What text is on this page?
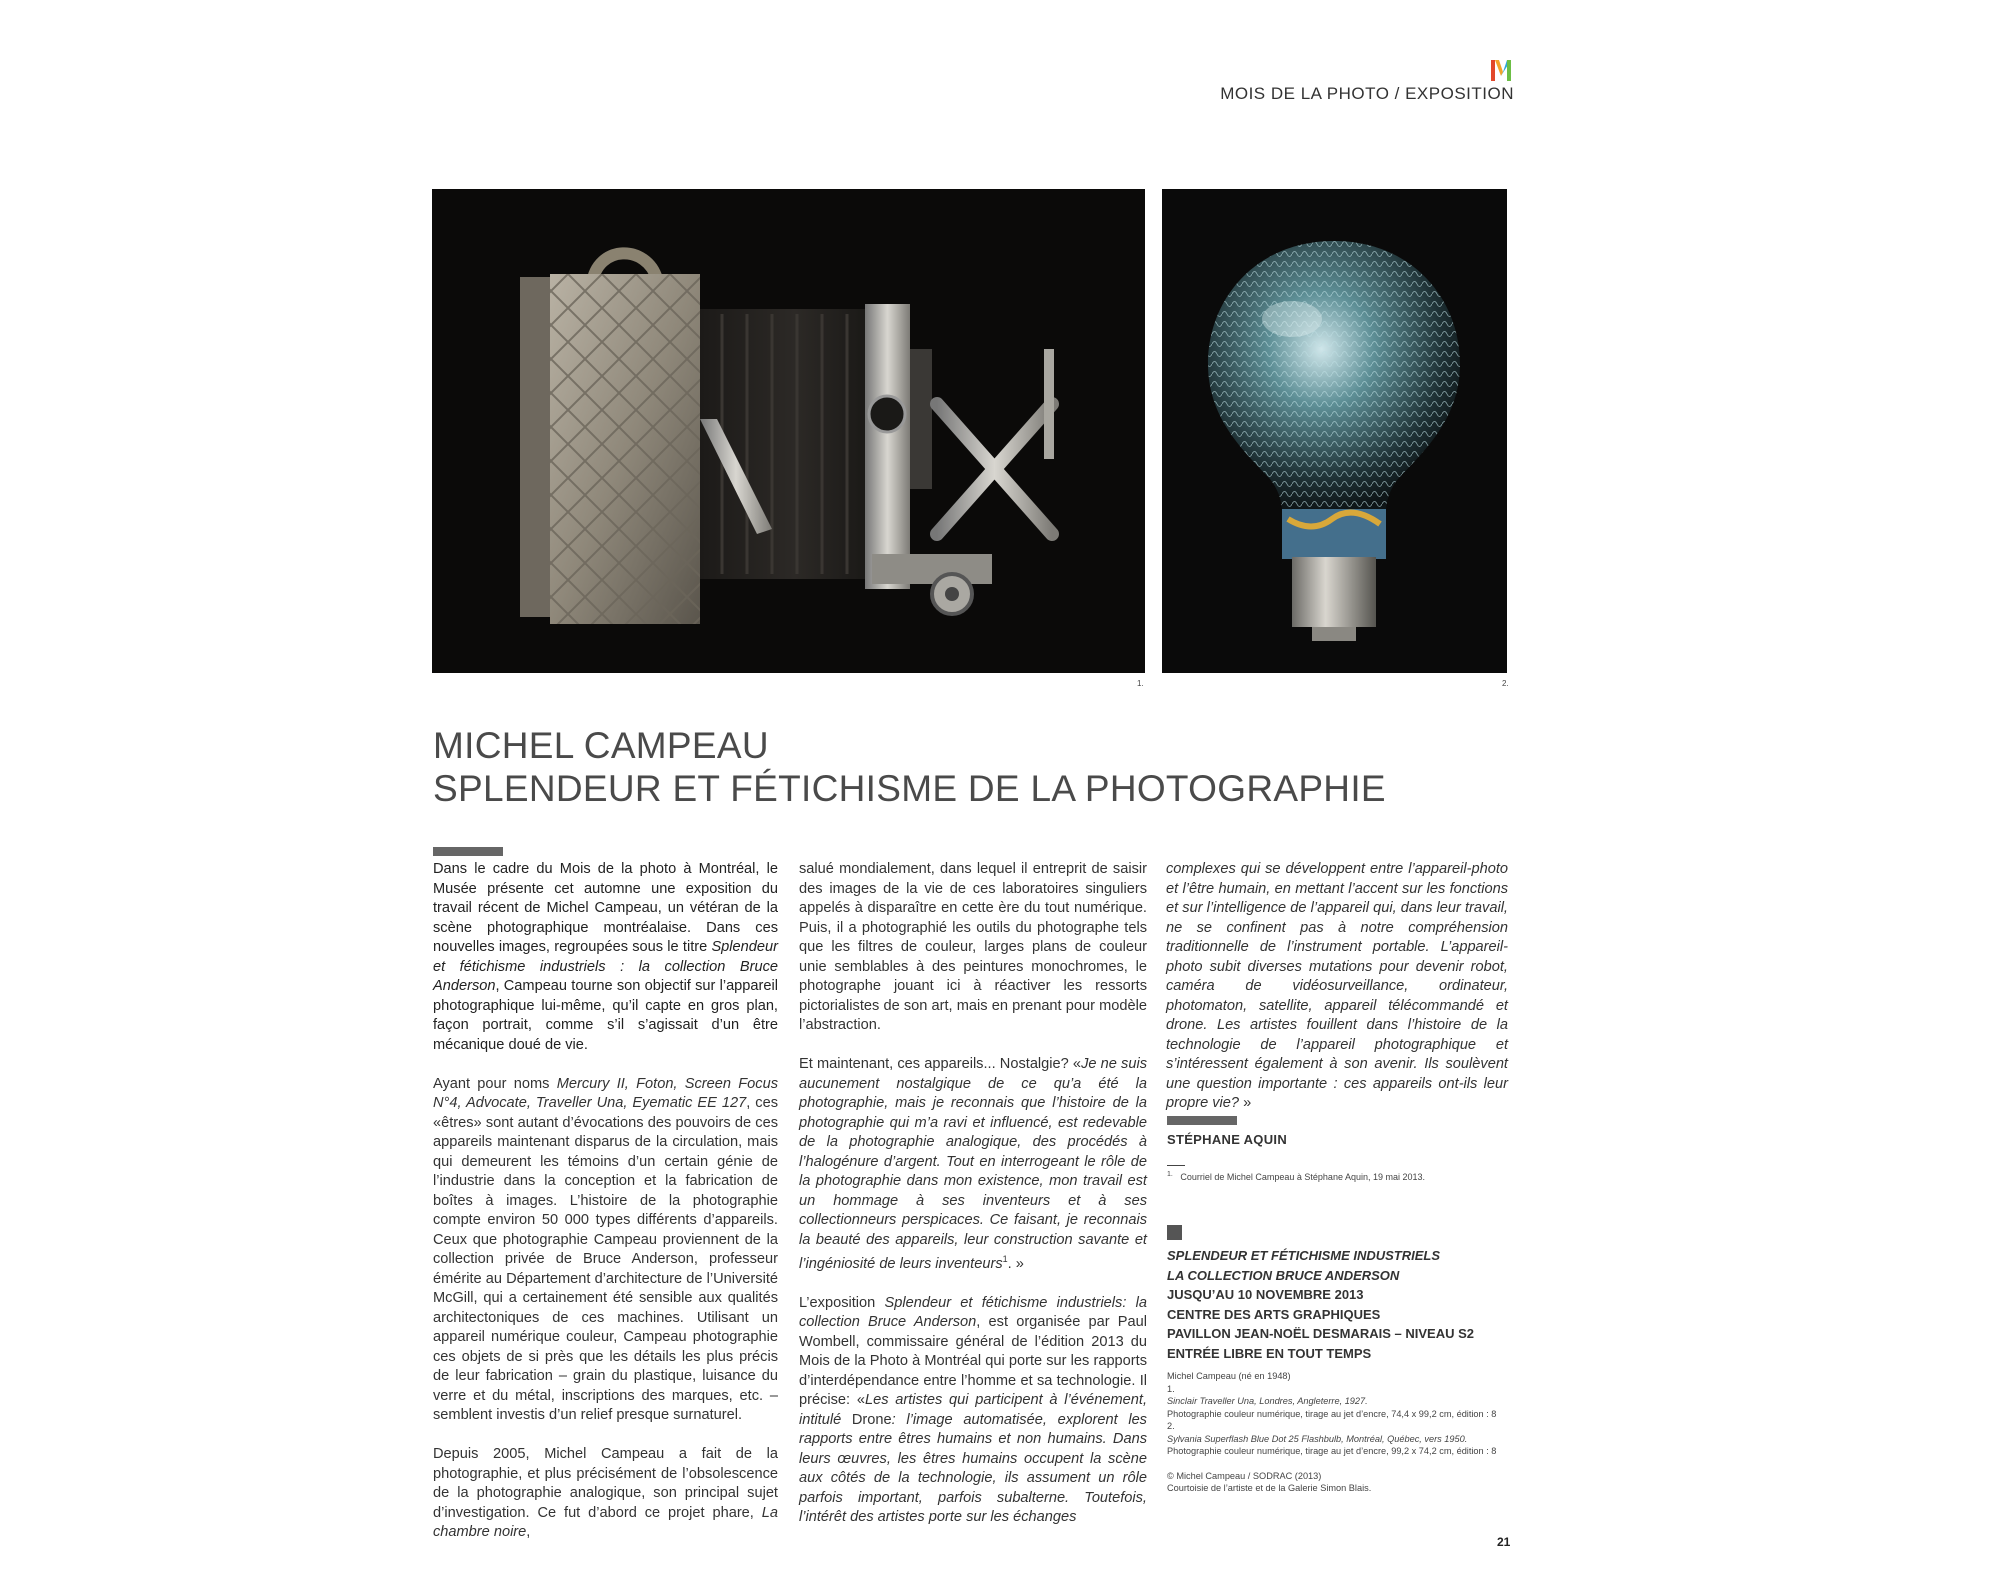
MOIS DE LA PHOTO / EXPOSITION
1.	2.
MICHEL CAMPEAU
SPLENDEUR ET FÉTICHISME DE LA PHOTOGRAPHIE

Dans le cadre du Mois de la photo à Montréal, le Musée présente cet automne une exposition du travail récent de Michel Campeau, un vétéran de la scène photographique montréalaise. Dans ces nouvelles images, regroupées sous le titre Splendeur et fétichisme industriels : la collection Bruce Anderson, Campeau tourne son objectif sur l’appareil photographique lui-même, qu’il capte en gros plan, façon portrait, comme s’il s’agissait d’un être mécanique doué de vie.

Ayant pour noms Mercury II, Foton, Screen Focus N°4, Advocate, Traveller Una, Eyematic EE 127, ces «êtres» sont autant d’évocations des pouvoirs de ces appareils maintenant disparus de la circulation, mais qui demeurent les témoins d’un certain génie de l’industrie dans la conception et la fabrication de boîtes à images. L’histoire de la photographie compte environ 50 000 types différents d’appareils. Ceux que photographie Campeau proviennent de la collection privée de Bruce Anderson, professeur émérite au Département d’architecture de l’Université McGill, qui a certainement été sensible aux qualités architectoniques de ces machines. Utilisant un appareil numérique couleur, Campeau photographie ces objets de si près que les détails les plus précis de leur fabrication – grain du plastique, luisance du verre et du métal, inscriptions des marques, etc. – semblent investis d’un relief presque surnaturel.

Depuis 2005, Michel Campeau a fait de la photographie, et plus précisément de l’obsolescence de la photographie analogique, son principal sujet d’investigation. Ce fut d’abord ce projet phare, La chambre noire,

salué mondialement, dans lequel il entreprit de saisir des images de la vie de ces laboratoires singuliers appelés à disparaître en cette ère du tout numérique. Puis, il a photographié les outils du photographe tels que les filtres de couleur, larges plans de couleur unie semblables à des peintures monochromes, le photographe jouant ici à réactiver les ressorts pictorialistes de son art, mais en prenant pour modèle l’abstraction.

Et maintenant, ces appareils... Nostalgie? «Je ne suis aucunement nostalgique de ce qu’a été la photographie, mais je reconnais que l’histoire de la photographie qui m’a ravi et influencé, est redevable de la photographie analogique, des procédés à l’halogénure d’argent. Tout en interrogeant le rôle de la photographie dans mon existence, mon travail est un hommage à ses inventeurs et à ses collectionneurs perspicaces. Ce faisant, je reconnais la beauté des appareils, leur construction savante et l’ingéniosité de leurs inventeurs$^1$. »

L’exposition Splendeur et fétichisme industriels: la collection Bruce Anderson, est organisée par Paul Wombell, commissaire général de l’édition 2013 du Mois de la Photo à Montréal qui porte sur les rapports d’interdépendance entre l’homme et sa technologie. Il précise: «Les artistes qui participent à l’événement, intitulé Drone: l’image automatisée, explorent les rapports entre êtres humains et non humains. Dans leurs œuvres, les êtres humains occupent la scène aux côtés de la technologie, ils assument un rôle parfois important, parfois subalterne. Toutefois, l’intérêt des artistes porte sur les échanges

complexes qui se développent entre l’appareil-photo et l’être humain, en mettant l’accent sur les fonctions et sur l’intelligence de l’appareil qui, dans leur travail, ne se confinent pas à notre compréhension traditionnelle de l’instrument portable. L’appareil-photo subit diverses mutations pour devenir robot, caméra de vidéosurveillance, ordinateur, photomaton, satellite, appareil télécommandé et drone. Les artistes fouillent dans l’histoire de la technologie de l’appareil photographique et s’intéressent également à son avenir. Ils soulèvent une question importante : ces appareils ont-ils leur propre vie? »

STÉPHANE AQUIN
$^{1.}$ Courriel de Michel Campeau à Stéphane Aquin, 19 mai 2013.
SPLENDEUR ET FÉTICHISME INDUSTRIELS
LA COLLECTION BRUCE ANDERSON
JUSQU’AU 10 NOVEMBRE 2013
CENTRE DES ARTS GRAPHIQUES
PAVILLON JEAN-NOËL DESMARAIS – NIVEAU S2
ENTRÉE LIBRE EN TOUT TEMPS
Michel Campeau (né en 1948)
1.
Sinclair Traveller Una, Londres, Angleterre, 1927.
Photographie couleur numérique, tirage au jet d’encre, 74,4 x 99,2 cm, édition : 8
2.
Sylvania Superflash Blue Dot 25 Flashbulb, Montréal, Québec, vers 1950.
Photographie couleur numérique, tirage au jet d’encre, 99,2 x 74,2 cm, édition : 8
© Michel Campeau / SODRAC (2013)
Courtoisie de l’artiste et de la Galerie Simon Blais.
21
